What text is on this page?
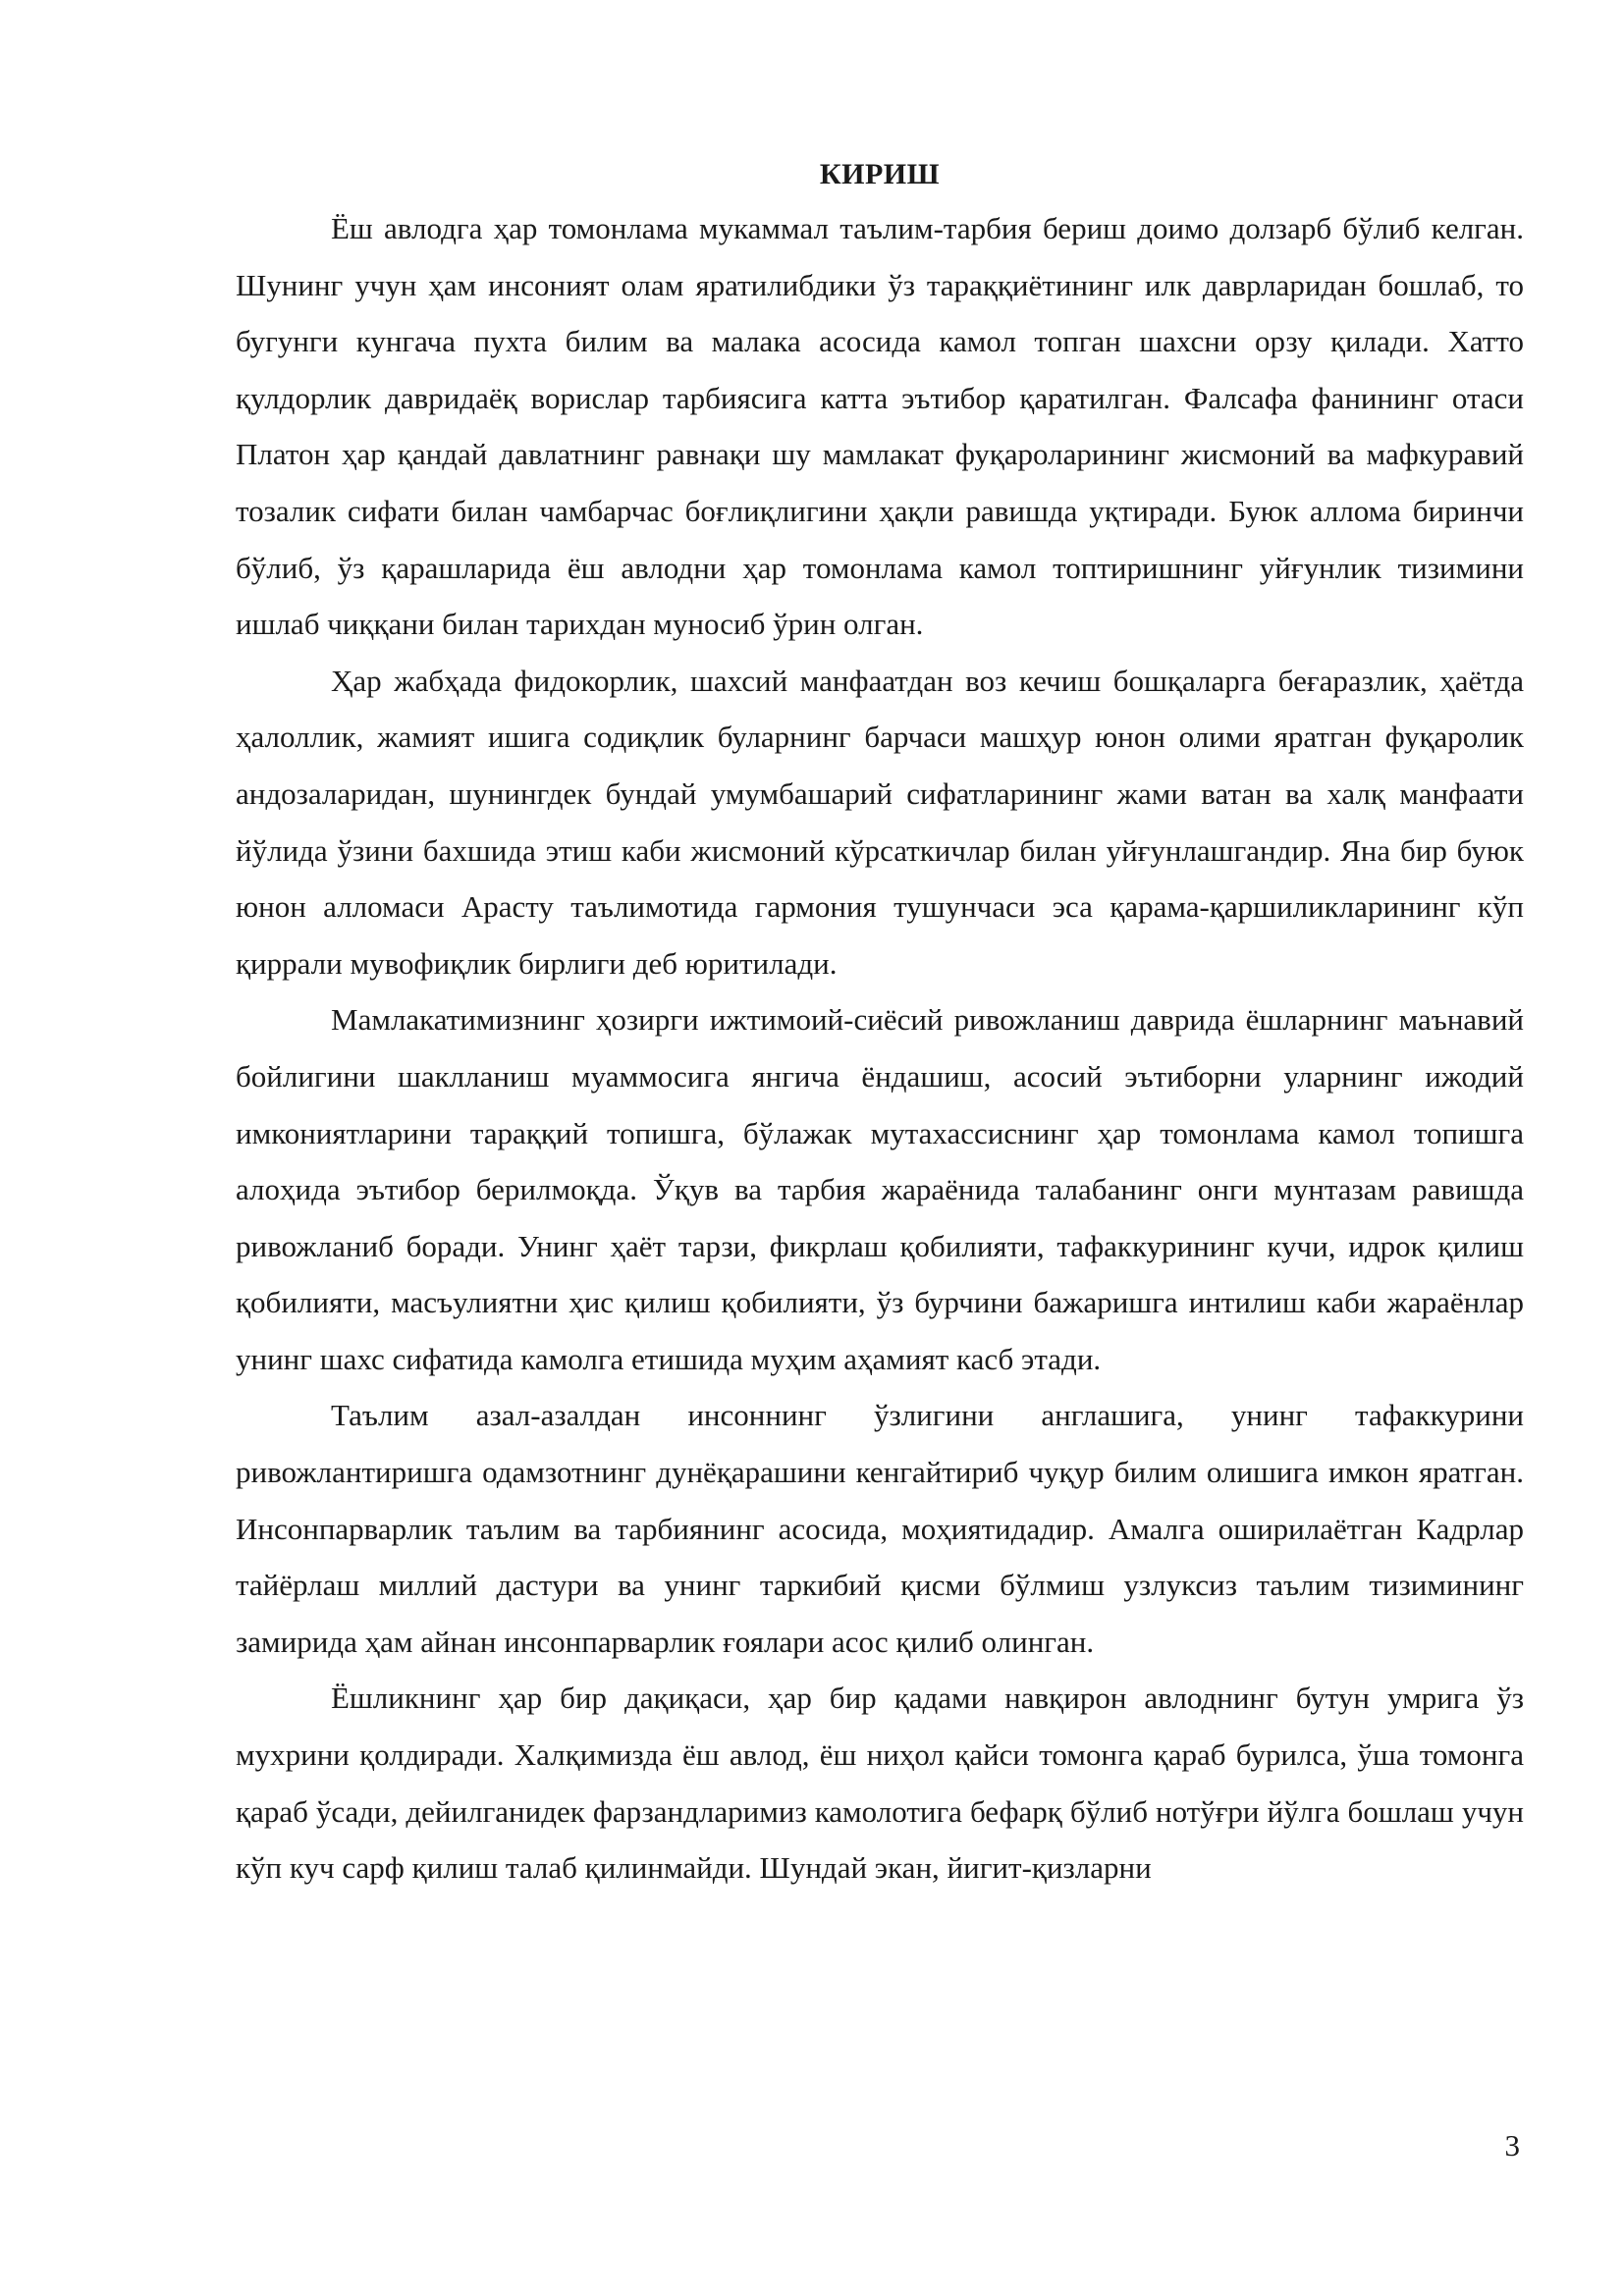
КИРИШ

Ёш авлодга ҳар томонлама мукаммал таълим-тарбия бериш доимо долзарб бўлиб келган. Шунинг учун ҳам инсоният олам яратилибдики ўз тараққиётининг илк даврларидан бошлаб, то бугунги кунгача пухта билим ва малака асосида камол топган шахсни орзу қилади. Хатто қулдорлик давридаёқ ворислар тарбиясига катта эътибор қаратилган. Фалсафа фанининг отаси Платон ҳар қандай давлатнинг равнақи шу мамлакат фуқароларининг жисмоний ва мафкуравий тозалик сифати билан чамбарчас боғлиқлигини ҳақли равишда уқтиради. Буюк аллома биринчи бўлиб, ўз қарашларида ёш авлодни ҳар томонлама камол топтиришнинг уйғунлик тизимини ишлаб чиққани билан тарихдан муносиб ўрин олган.

Ҳар жабҳада фидокорлик, шахсий манфаатдан воз кечиш бошқаларга беғаразлик, ҳаётда ҳалоллик, жамият ишига содиқлик буларнинг барчаси машҳур юнон олими яратган фуқаролик андозаларидан, шунингдек бундай умумбашарий сифатларининг жами ватан ва халқ манфаати йўлида ўзини бахшида этиш каби жисмоний кўрсаткичлар билан уйғунлашгандир. Яна бир буюк юнон алломаси Арасту таълимотида гармония тушунчаси эса қарама-қаршиликларининг кўп қиррали мувофиқлик бирлиги деб юритилади.

Мамлакатимизнинг ҳозирги ижтимоий-сиёсий ривожланиш даврида ёшларнинг маънавий бойлигини шаклланиш муаммосига янгича ёндашиш, асосий эътиборни уларнинг ижодий имкониятларини тараққий топишга, бўлажак мутахассиснинг ҳар томонлама камол топишга алоҳида эътибор берилмоқда. Ўқув ва тарбия жараёнида талабанинг онги мунтазам равишда ривожланиб боради. Унинг ҳаёт тарзи, фикрлаш қобилияти, тафаккурининг кучи, идрок қилиш қобилияти, масъулиятни ҳис қилиш қобилияти, ўз бурчини бажаришга интилиш каби жараёнлар унинг шахс сифатида камолга етишида муҳим аҳамият касб этади.

Таълим азал-азалдан инсоннинг ўзлигини англашига, унинг тафаккурини ривожлантиришга одамзотнинг дунёқарашини кенгайтириб чуқур билим олишига имкон яратган. Инсонпарварлик таълим ва тарбиянинг асосида, моҳиятидадир. Амалга оширилаётган Кадрлар тайёрлаш миллий дастури ва унинг таркибий қисми бўлмиш узлуксиз таълим тизимининг замирида ҳам айнан инсонпарварлик ғоялари асос қилиб олинган.

Ёшликнинг ҳар бир дақиқаси, ҳар бир қадами навқирон авлоднинг бутун умрига ўз мухрини қолдиради. Халқимизда ёш авлод, ёш ниҳол қайси томонга қараб бурилса, ўша томонга қараб ўсади, дейилганидек фарзандларимиз камолотига бефарқ бўлиб нотўғри йўлга бошлаш учун кўп куч сарф қилиш талаб қилинмайди. Шундай экан, йигит-қизларни

3
